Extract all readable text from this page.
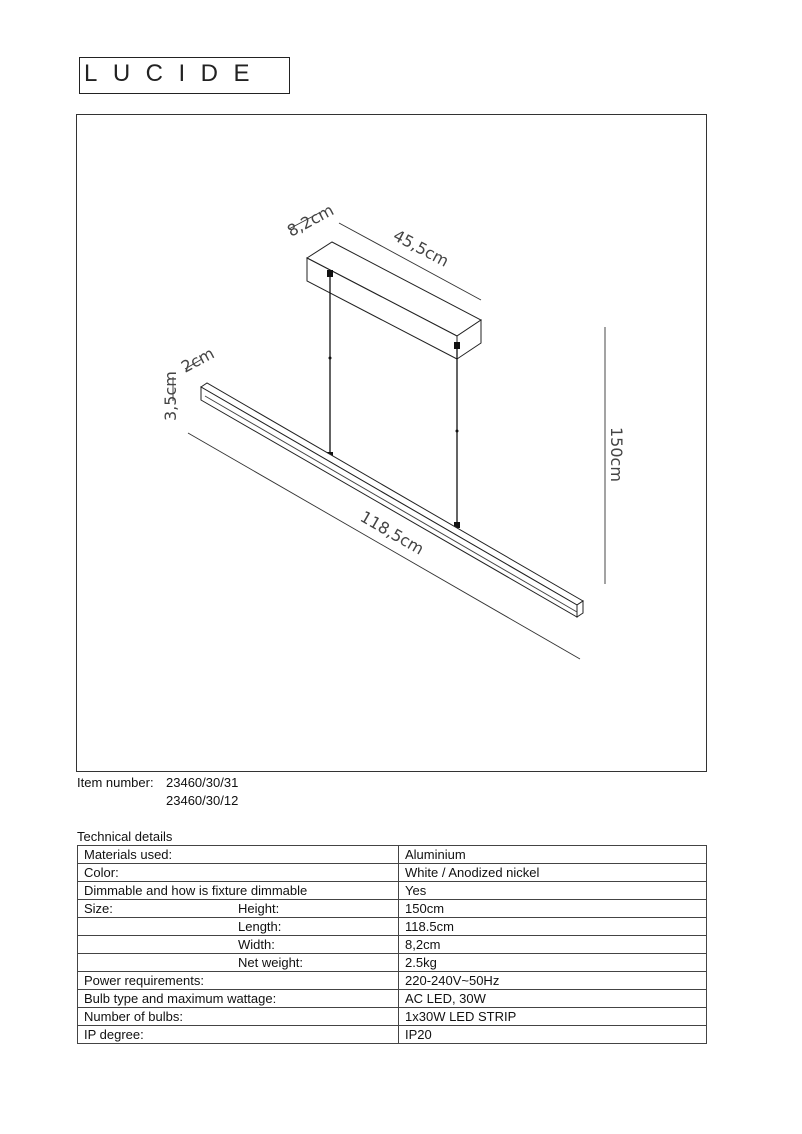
LUCIDE
8,2cm
45,5cm
2cm
3,5cm
118,5cm
150cm
Item number: 23460/30/31
23460/30/12
Technical details
Materials used:	Aluminium
Color:	White / Anodized nickel
Dimmable and how is fixture dimmable	Yes
Size: Height:	150cm

Length:	118.5cm

Width:	8,2cm

Net weight:	2.5kg
Power requirements:	220-240V~50Hz
Bulb type and maximum wattage:	AC LED, 30W
Number of bulbs:	1x30W LED STRIP
IP degree:	IP20
